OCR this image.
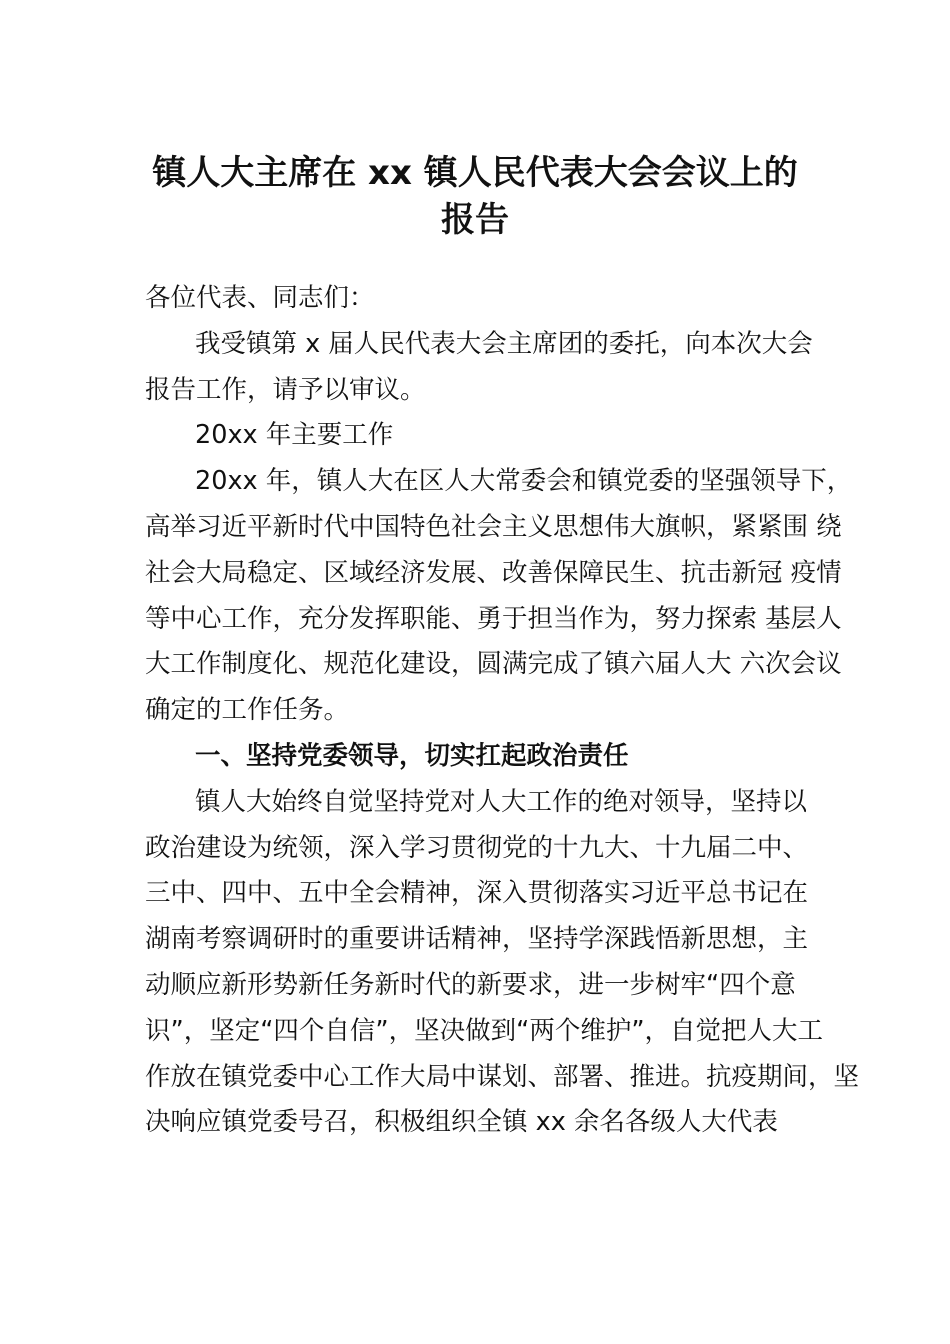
镇人大主席在 xx 镇人民代表大会会议上的
报告
各位代表、同志们：
我受镇第 x 届人民代表大会主席团的委托，向本次大会
报告工作，请予以审议。
20xx 年主要工作
20xx 年，镇人大在区人大常委会和镇党委的坚强领导下，
高举习近平新时代中国特色社会主义思想伟大旗帜，紧紧围 绕
社会大局稳定、区域经济发展、改善保障民生、抗击新冠 疫情
等中心工作，充分发挥职能、勇于担当作为，努力探索 基层人
大工作制度化、规范化建设，圆满完成了镇六届人大 六次会议
确定的工作任务。
一、坚持党委领导，切实扛起政治责任
镇人大始终自觉坚持党对人大工作的绝对领导，坚持以
政治建设为统领，深入学习贯彻党的十九大、十九届二中、
三中、四中、五中全会精神，深入贯彻落实习近平总书记在
湖南考察调研时的重要讲话精神，坚持学深践悟新思想，主
动顺应新形势新任务新时代的新要求，进一步树牢“四个意
识”，坚定“四个自信”，坚决做到“两个维护”，自觉把人大工
作放在镇党委中心工作大局中谋划、部署、推进。抗疫期间，坚
决响应镇党委号召，积极组织全镇 xx 余名各级人大代表
